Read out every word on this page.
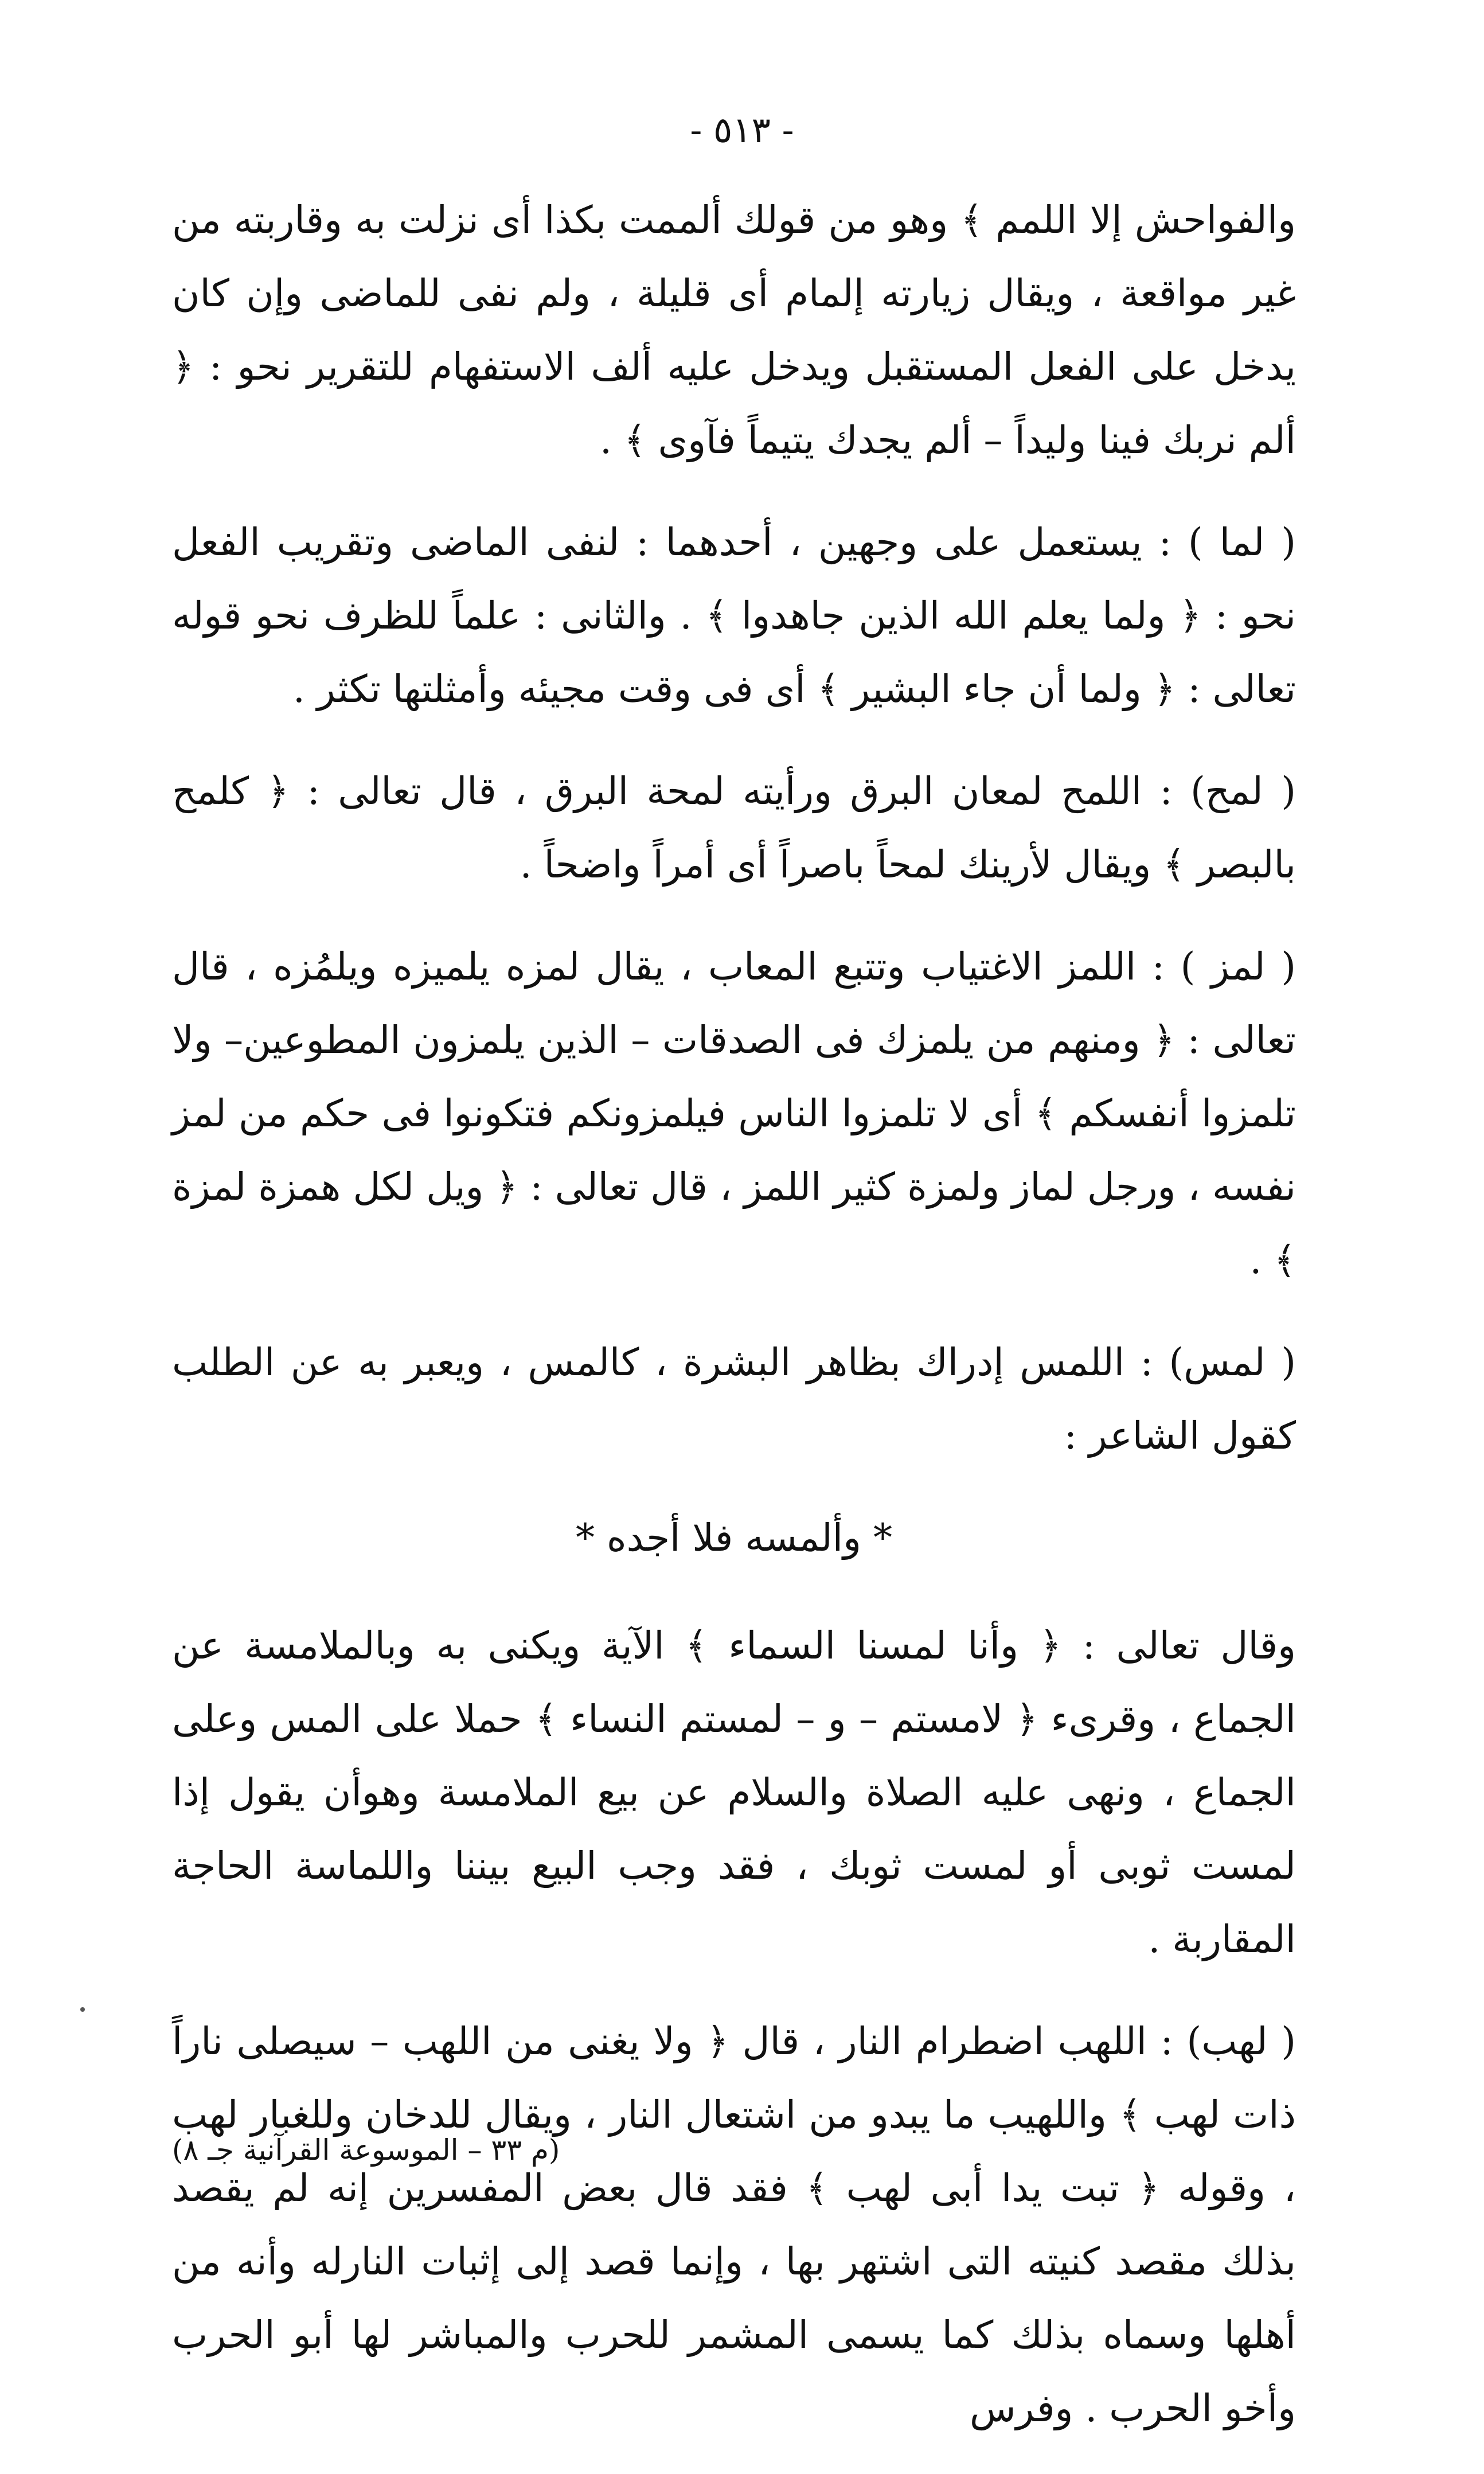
- ٥١٣ -

والفواحش إلا اللمم ﴾ وهو من قولك ألممت بكذا أى نزلت به وقاربته من غير مواقعة ، ويقال زيارته إلمام أى قليلة ، ولم نفى للماضى وإن كان يدخل على الفعل المستقبل ويدخل عليه ألف الاستفهام للتقرير نحو : ﴿ ألم نربك فينا وليداً – ألم يجدك يتيماً فآوى ﴾ .

( لما ) : يستعمل على وجهين ، أحدهما : لنفى الماضى وتقريب الفعل نحو : ﴿ ولما يعلم الله الذين جاهدوا ﴾ . والثانى : علماً للظرف نحو قوله تعالى : ﴿ ولما أن جاء البشير ﴾ أى فى وقت مجيئه وأمثلتها تكثر .

( لمح) : اللمح لمعان البرق ورأيته لمحة البرق ، قال تعالى : ﴿ كلمح بالبصر ﴾ ويقال لأرينك لمحاً باصراً أى أمراً واضحاً .

( لمز ) : اللمز الاغتياب وتتبع المعاب ، يقال لمزه يلميزه ويلمُزه ، قال تعالى : ﴿ ومنهم من يلمزك فى الصدقات – الذين يلمزون المطوعين– ولا تلمزوا أنفسكم ﴾ أى لا تلمزوا الناس فيلمزونكم فتكونوا فى حكم من لمز نفسه ، ورجل لماز ولمزة كثير اللمز ، قال تعالى : ﴿ ويل لكل همزة لمزة ﴾ .

( لمس) : اللمس إدراك بظاهر البشرة ، كالمس ، ويعبر به عن الطلب كقول الشاعر :

* وألمسه فلا أجده *

وقال تعالى : ﴿ وأنا لمسنا السماء ﴾ الآية ويكنى به وبالملامسة عن الجماع ، وقرىء ﴿ لامستم – و – لمستم النساء ﴾ حملا على المس وعلى الجماع ، ونهى عليه الصلاة والسلام عن بيع الملامسة وهوأن يقول إذا لمست ثوبى أو لمست ثوبك ، فقد وجب البيع بيننا واللماسة الحاجة المقاربة .

( لهب) : اللهب اضطرام النار ، قال ﴿ ولا يغنى من اللهب – سيصلى ناراً ذات لهب ﴾ واللهيب ما يبدو من اشتعال النار ، ويقال للدخان وللغبار لهب ، وقوله ﴿ تبت يدا أبى لهب ﴾ فقد قال بعض المفسرين إنه لم يقصد بذلك مقصد كنيته التى اشتهر بها ، وإنما قصد إلى إثبات النارله وأنه من أهلها وسماه بذلك كما يسمى المشمر للحرب والمباشر لها أبو الحرب وأخو الحرب . وفرس

(م ٣٣ – الموسوعة القرآنية جـ ٨)
